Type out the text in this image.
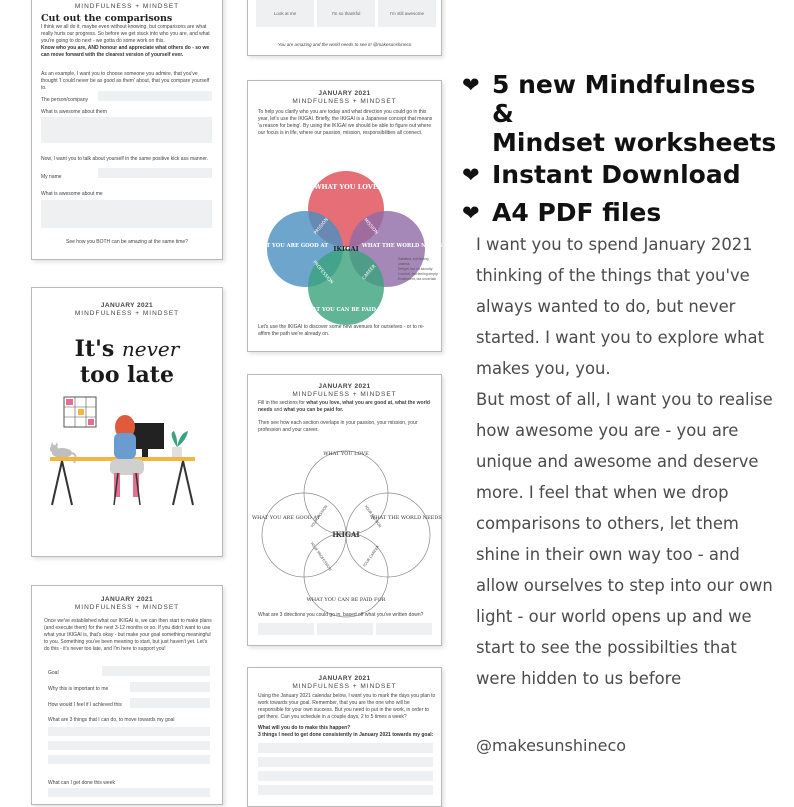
MINDFULNESS + MINDSET
Cut out the comparisons

I think we all do it, maybe even without knowing, but comparisons are what really hurts our progress. So before we get stuck into who you are, and what you're going to do next - we gotta do some work on this.

Know who you are, AND honour and appreciate what others do - so we can move forward with the clearest version of yourself ever.

As an example, I want you to choose someone you admire, that you've thought 'I could never be as good as them' about, that you compare yourself to.

The person/company
What is awesome about them

Now, I want you to talk about yourself in the same positive kick ass manner.

My name
What is awesome about me
See how you BOTH can be amazing at the same time?
Look at me	I'm so thankful	I'm still awesome
You are amazing and the world needs to see it! @makesunshineco
JANUARY 2021
MINDFULNESS + MINDSET
It's never
too late
JANUARY 2021
MINDFULNESS + MINDSET

To help you clarify who you are today and what direction you could go in this year, let's use the IKIGAI. Briefly, the IKIGAI is a Japanese concept that means 'a reason for being'. By using the IKIGAI we should be able to figure out where our focus is in life, where our passion, mission, responsibilities all connect.

WHAT YOU LOVE
WHAT YOU ARE GOOD AT	WHAT THE WORLD NEEDS
WHAT YOU CAN BE PAID FOR
IKIGAI
PASSION	MISSION
PROFESSION	CAREER
Satisfied, but feeling useless
Delight, but no security
Comfort, but feeling empty
Excitement, but uncertain

Let's use the IKIGAI to discover some new avenues for ourselves - or to re-affirm the path we're already on.

JANUARY 2021
MINDFULNESS + MINDSET

Once we've established what our IKIGAI is, we can then start to make plans (and execute them) for the next 3-12 months or so. If you didn't want to use what your IKIGAI is, that's okay - but make your goal something meaningful to you. Something you've been meaning to start, but just haven't yet. Let's do this - it's never too late, and I'm here to support you!

Goal
Why this is important to me
How would I feel if I achieved this
What are 3 things that I can do, to move towards my goal
What can I get done this week
JANUARY 2021
MINDFULNESS + MINDSET

Fill in the sections for what you love, what you are good at, what the world needs and what you can be paid for.

Then see how each section overlaps in your passion, your mission, your profession and your career.

WHAT YOU LOVE
WHAT YOU ARE GOOD AT	WHAT THE WORLD NEEDS
WHAT YOU CAN BE PAID FOR
IKIGAI
YOUR PASSION	YOUR MISSION
YOUR PROFESSION	YOUR CAREER
What are 3 directions you could go in, based off what you've written down?
JANUARY 2021
MINDFULNESS + MINDSET

Using the January 2021 calendar below, I want you to mark the days you plan to work towards your goal. Remember, that you are the one who will be responsible for your own success. But you need to put in the work, in order to get there. Can you schedule in a couple days, 2 to 5 times a week?

What will you do to make this happen?

3 things I need to get done consistently in January 2021 towards my goal:

❤ 5 new Mindfulness &
Mindset worksheets
❤ Instant Download
❤ A4 PDF files

I want you to spend January 2021 thinking of the things that you've always wanted to do, but never started. I want you to explore what makes you, you.
But most of all, I want you to realise how awesome you are - you are unique and awesome and deserve more. I feel that when we drop comparisons to others, let them shine in their own way too - and allow ourselves to step into our own light - our world opens up and we start to see the possibilties that were hidden to us before

@makesunshineco
